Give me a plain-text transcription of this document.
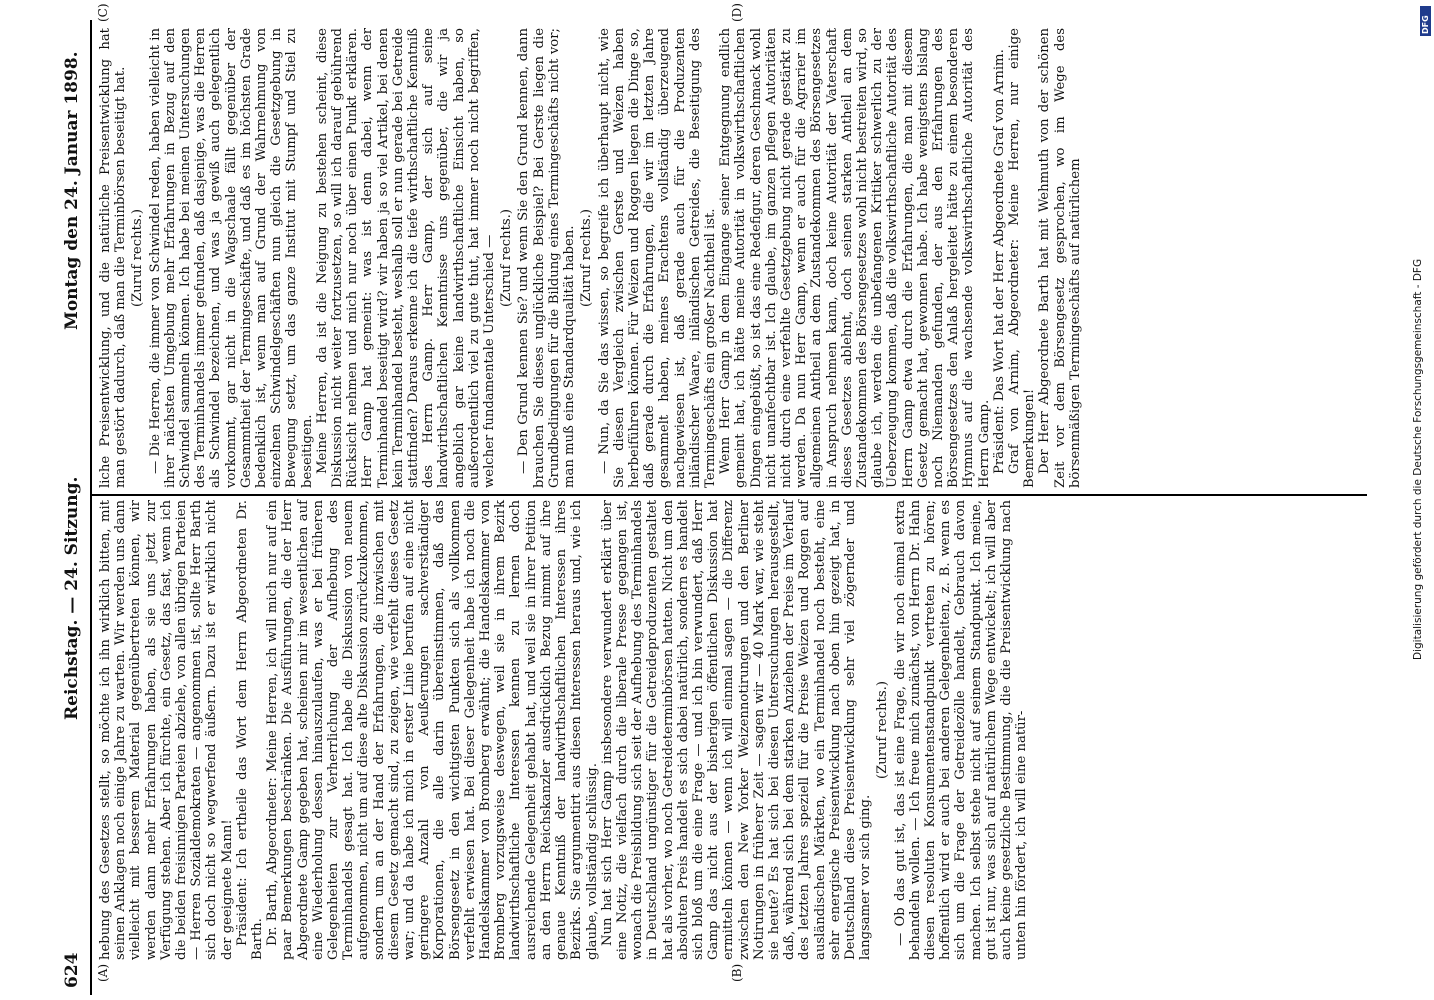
624
Reichstag. — 24. Sitzung.
Montag den 24. Januar 1898.
(A)	(B)
(C)	(D)

hebung des Gesetzes stellt, so möchte ich ihn wirklich bitten, mit seinen Anklagen noch einige Jahre zu warten. Wir werden uns dann vielleicht mit besserem Material gegenübertreten können, wir werden dann mehr Erfahrungen haben, als sie uns jetzt zur Verfügung stehen. Aber ich fürchte, ein Gesetz, das fast, wenn ich die beiden freisinnigen Parteien abziehe, von allen übrigen Parteien — Herren Sozialdemokraten — angenommen ist, sollte Herr Barth sich doch nicht so wegwerfend äußern. Dazu ist er wirklich nicht der geeignete Mann! Präsident: Ich ertheile das Wort dem Herrn Abgeordneten Dr. Barth. Dr. Barth, Abgeordneter: Meine Herren, ich will mich nur auf ein paar Bemerkungen beschränken. Die Ausführungen, die der Herr Abgeordnete Gamp gegeben hat, scheinen mir im wesentlichen auf eine Wiederholung dessen hinauszulaufen, was er bei früheren Gelegenheiten zur Verherrlichung der Aufhebung des Terminhandels gesagt hat. Ich habe die Diskussion von neuem aufgenommen, nicht um auf diese alte Diskussion zurückzukommen, sondern um an der Hand der Erfahrungen, die inzwischen mit diesem Gesetz gemacht sind, zu zeigen, wie verfehlt dieses Gesetz war; und da habe ich mich in erster Linie berufen auf eine nicht geringere Anzahl von Aeußerungen sachverständiger Korporationen, die alle darin übereinstimmen, daß das Börsengesetz in den wichtigsten Punkten sich als vollkommen verfehlt erwiesen hat. Bei dieser Gelegenheit habe ich noch die Handelskammer von Bromberg erwähnt; die Handelskammer von Bromberg vorzugsweise deswegen, weil sie in ihrem Bezirk landwirthschaftliche Interessen kennen zu lernen doch ausreichende Gelegenheit gehabt hat, und weil sie in ihrer Petition an den Herrn Reichskanzler ausdrücklich Bezug nimmt auf ihre genaue Kenntniß der landwirthschaftlichen Interessen ihres Bezirks. Sie argumentirt aus diesen Interessen heraus und, wie ich glaube, vollständig schlüssig. Nun hat sich Herr Gamp insbesondere verwundert erklärt über eine Notiz, die vielfach durch die liberale Presse gegangen ist, wonach die Preisbildung sich seit der Aufhebung des Terminhandels in Deutschland ungünstiger für die Getreideproduzenten gestaltet hat als vorher, wo noch Getreideterminbörsen hatten. Nicht um den absoluten Preis handelt es sich dabei natürlich, sondern es handelt sich bloß um die eine Frage — und ich bin verwundert, daß Herr Gamp das nicht aus der bisherigen öffentlichen Diskussion hat ermitteln können — wenn ich will einmal sagen — die Differenz zwischen den New Yorker Weizennotirungen und den Berliner Notirungen in früherer Zeit — sagen wir — 40 Mark war, wie steht sie heute? Es hat sich bei diesen Untersuchungen herausgestellt, daß, während sich bei dem starken Anziehen der Preise im Verlauf des letzten Jahres speziell für die Preise Weizen und Roggen auf ausländischen Märkten, wo ein Terminhandel noch besteht, eine sehr energische Preisentwicklung nach oben hin gezeigt hat, in Deutschland diese Preisentwicklung sehr viel zögernder und langsamer vor sich ging.

(Zuruf rechts.) — Ob das gut ist, das ist eine Frage, die wir noch einmal extra behandeln wollen. — Ich freue mich zunächst, von Herrn Dr. Hahn diesen resoluten Konsumentenstandpunkt vertreten zu hören; hoffentlich wird er auch bei anderen Gelegenheiten, z. B. wenn es sich um die Frage der Getreidezölle handelt, Gebrauch davon machen. Ich selbst stehe nicht auf seinem Standpunkt. Ich meine, gut ist nur, was sich auf natürlichem Wege entwickelt; ich will aber auch keine gesetzliche Bestimmung, die die Preisentwicklung nach unten hin fördert, ich will eine natür-

liche Preisentwicklung, und die natürliche Preisentwicklung hat man gestört dadurch, daß man die Terminbörsen beseitigt hat. (Zuruf rechts.) — Die Herren, die immer von Schwindel reden, haben vielleicht in ihrer nächsten Umgebung mehr Erfahrungen in Bezug auf den Schwindel sammeln können. Ich habe bei meinen Untersuchungen des Terminhandels immer gefunden, daß dasjenige, was die Herren als Schwindel bezeichnen, und was ja gewiß auch gelegentlich vorkommt, gar nicht in die Wagschaale fällt gegenüber der Gesammtheit der Termingeschäfte, und daß es im höchsten Grade bedenklich ist, wenn man auf Grund der Wahrnehmung von einzelnen Schwindelgeschäften nun gleich die Gesetzgebung in Bewegung setzt, um das ganze Institut mit Stumpf und Stiel zu beseitigen. Meine Herren, da ist die Neigung zu bestehen scheint, diese Diskussion nicht weiter fortzusetzen, so will ich darauf gebührend Rücksicht nehmen und mich nur noch über einen Punkt erklären. Herr Gamp hat gemeint: was ist denn dabei, wenn der Terminhandel beseitigt wird? wir haben ja so viel Artikel, bei denen kein Terminhandel besteht, weshalb soll er nun gerade bei Getreide stattfinden? Daraus erkenne ich die tiefe wirthschaftliche Kenntniß des Herrn Gamp. Herr Gamp, der sich auf seine landwirthschaftlichen Kenntnisse uns gegenüber, die wir ja angeblich gar keine landwirthschaftliche Einsicht haben, so außerordentlich viel zu gute thut, hat immer noch nicht begriffen, welcher fundamentale Unterschied — (Zuruf rechts.) — Den Grund kennen Sie? und wenn Sie den Grund kennen, dann brauchen Sie dieses unglückliche Beispiel? Bei Gerste liegen die Grundbedingungen für die Bildung eines Termingeschäfts nicht vor; man muß eine Standardqualität haben. (Zuruf rechts.) — Nun, da Sie das wissen, so begreife ich überhaupt nicht, wie Sie diesen Vergleich zwischen Gerste und Weizen haben herbeiführen können. Für Weizen und Roggen liegen die Dinge so, daß gerade durch die Erfahrungen, die wir im letzten Jahre gesammelt haben, meines Erachtens vollständig überzeugend nachgewiesen ist, daß gerade auch für die Produzenten inländischer Waare, inländischen Getreides, die Beseitigung des Termingeschäfts ein großer Nachtheil ist. Wenn Herr Gamp in dem Eingange seiner Entgegnung endlich gemeint hat, ich hätte meine Autorität in volkswirthschaftlichen Dingen eingebüßt, so ist das eine Redefigur, deren Geschmack wohl nicht unanfechtbar ist. Ich glaube, im ganzen pflegen Autoritäten nicht durch eine verfehlte Gesetzgebung nicht gerade gestärkt zu werden. Da nun Herr Gamp, wenn er auch für die Agrarier im allgemeinen Antheil an dem Zustandekommen des Börsengesetzes in Anspruch nehmen kann, doch keine Autorität der Vaterschaft dieses Gesetzes ablehnt, doch seinen starken Antheil an dem Zustandekommen des Börsengesetzes wohl nicht bestreiten wird, so glaube ich, werden die unbefangenen Kritiker schwerlich zu der Ueberzeugung kommen, daß die volkswirthschaftliche Autorität des Herrn Gamp etwa durch die Erfahrungen, die man mit diesem Gesetz gemacht hat, gewonnen habe. Ich habe wenigstens bislang noch Niemanden gefunden, der aus den Erfahrungen des Börsengesetzes den Anlaß hergeleitet hätte zu einem besonderen Hymnus auf die wachsende volkswirthschaftliche Autorität des Herrn Gamp. Präsident: Das Wort hat der Herr Abgeordnete Graf von Arnim. Graf von Arnim, Abgeordneter: Meine Herren, nur einige Bemerkungen! Der Herr Abgeordnete Barth hat mit Wehmuth von der schönen Zeit vor dem Börsengesetz gesprochen, wo im Wege des börsenmäßigen Termingeschäfts auf natürlichem	Digitalisierung gefördert durch die Deutsche Forschungsgemeinschaft - DFG
DFG
